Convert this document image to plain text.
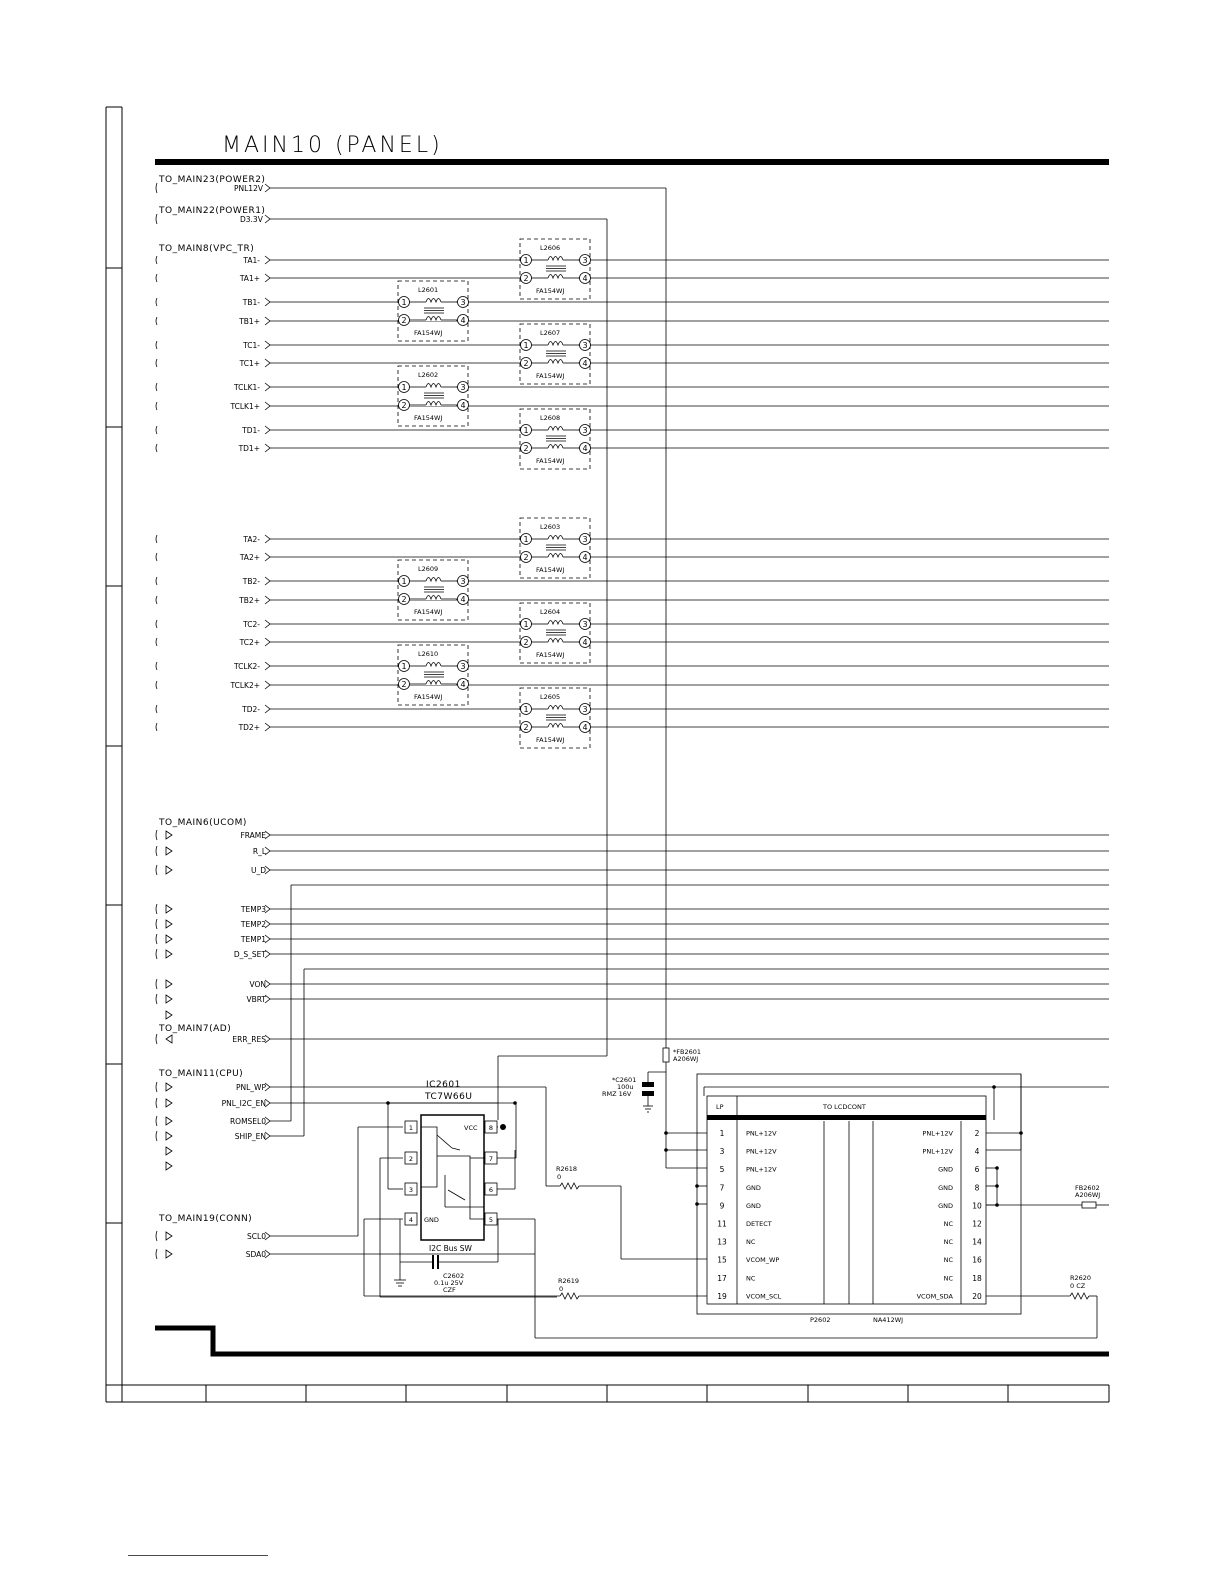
MAIN10 (PANEL)
TO_MAIN23(POWER2)
TO_MAIN22(POWER1)
TO_MAIN8(VPC_TR)
TO_MAIN6(UCOM)
TO_MAIN7(AD)
TO_MAIN11(CPU)
TO_MAIN19(CONN)
PNL12V
D3.3V
TA1-
TA1+
TB1-
TB1+
TC1-
TC1+
TCLK1-
TCLK1+
TD1-
TD1+
TA2-
TA2+
TB2-
TB2+
TC2-
TC2+
TCLK2-
TCLK2+
TD2-
TD2+
1	3
2	4
L2606
FA154WJ
1	3
2	4
L2601
FA154WJ
1	3
2	4
L2607
FA154WJ
1	3
2	4
L2602
FA154WJ
1	3
2	4
L2608
FA154WJ
1	3
2	4
L2603
FA154WJ
1	3
2	4
L2609
FA154WJ
1	3
2	4
L2604
FA154WJ
1	3
2	4
L2610
FA154WJ
1	3
2	4
L2605
FA154WJ
FRAME
R_L
U_D
TEMP3
TEMP2
TEMP1
D_S_SET
VON
VBRT
ERR_RES
PNL_WP
PNL_I2C_EN
ROMSEL0
SHIP_EN
SCL0
SDA0
1
2
3
4	5
6
7
8
IC2601
TC7W66U
VCC
GND
I2C Bus SW
C2602
0.1u 25V
CZF
*FB2601
A206WJ
*C2601
100u
RMZ 16V
R2618
0
R2619
0
R2620
0 CZ
FB2602
A206WJ
LP	TO LCDCONT
P2602	NA412WJ
1	PNL+12V	PNL+12V	2
3	PNL+12V	PNL+12V	4
5	PNL+12V	GND	6
7	GND	GND	8
9	GND	GND	10
11	DETECT	NC	12
13	NC	NC	14
15	VCOM_WP	NC	16
17	NC	NC	18
19	VCOM_SCL	VCOM_SDA	20
